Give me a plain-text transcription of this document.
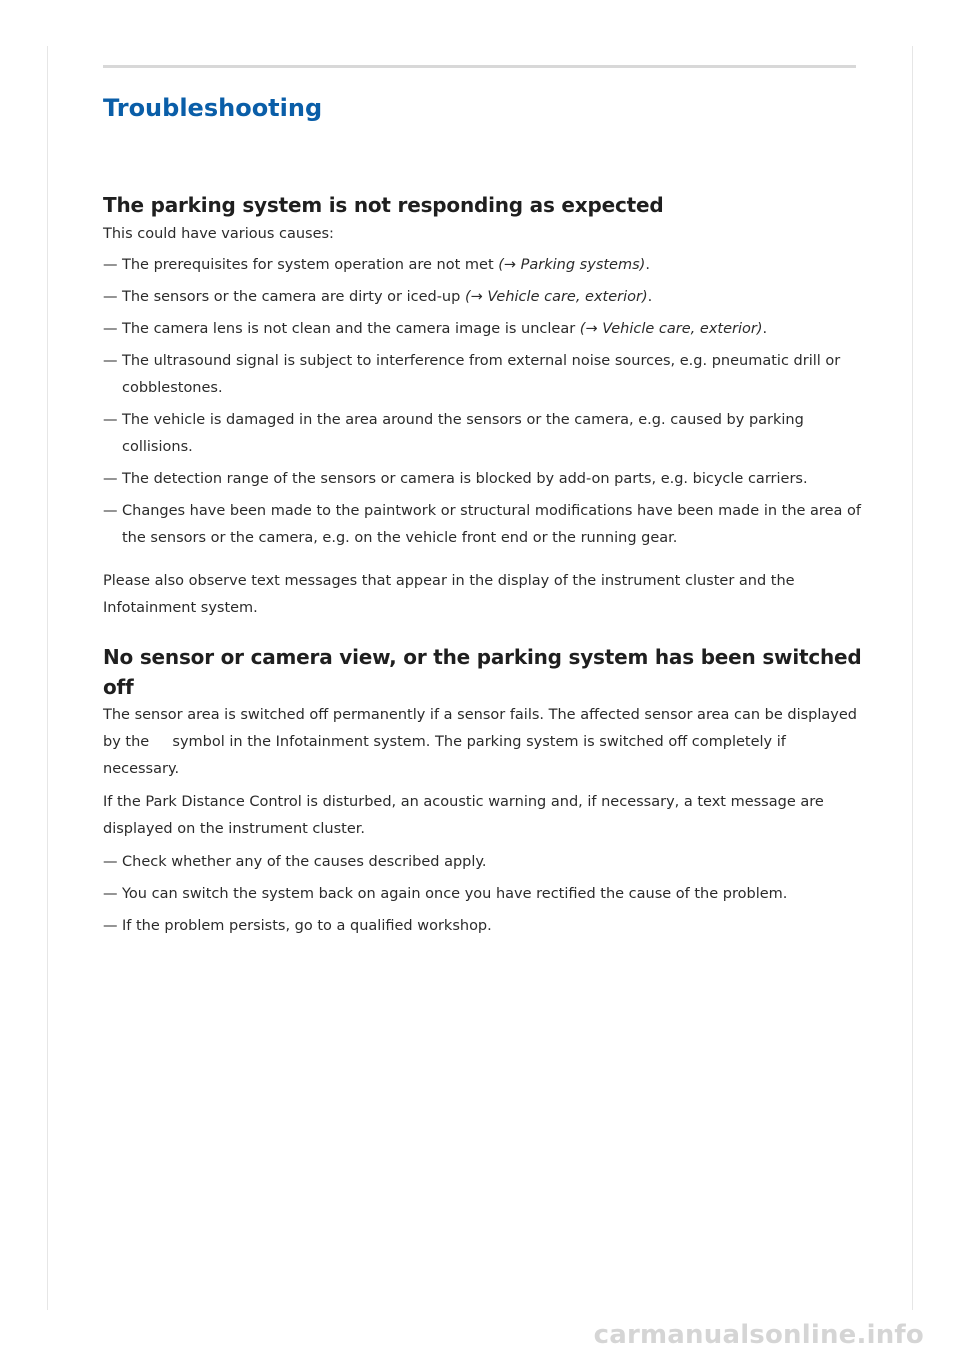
Troubleshooting
The parking system is not responding as expected

This could have various causes:

— The prerequisites for system operation are not met (→ Parking systems).
— The sensors or the camera are dirty or iced-up (→ Vehicle care, exterior).
— The camera lens is not clean and the camera image is unclear (→ Vehicle care, exterior).
— The ultrasound signal is subject to interference from external noise sources, e.g. pneumatic drill or cobblestones.
— The vehicle is damaged in the area around the sensors or the camera, e.g. caused by parking collisions.
— The detection range of the sensors or camera is blocked by add-on parts, e.g. bicycle carriers.
— Changes have been made to the paintwork or structural modifications have been made in the area of the sensors or the camera, e.g. on the vehicle front end or the running gear.

Please also observe text messages that appear in the display of the instrument cluster and the Infotainment system.

No sensor or camera view, or the parking system has been switched off

The sensor area is switched off permanently if a sensor fails. The affected sensor area can be displayed by the  symbol in the Infotainment system. The parking system is switched off completely if necessary.

If the Park Distance Control is disturbed, an acoustic warning and, if necessary, a text message are displayed on the instrument cluster.

— Check whether any of the causes described apply.
— You can switch the system back on again once you have rectified the cause of the problem.
— If the problem persists, go to a qualified workshop.
carmanualsonline.info
